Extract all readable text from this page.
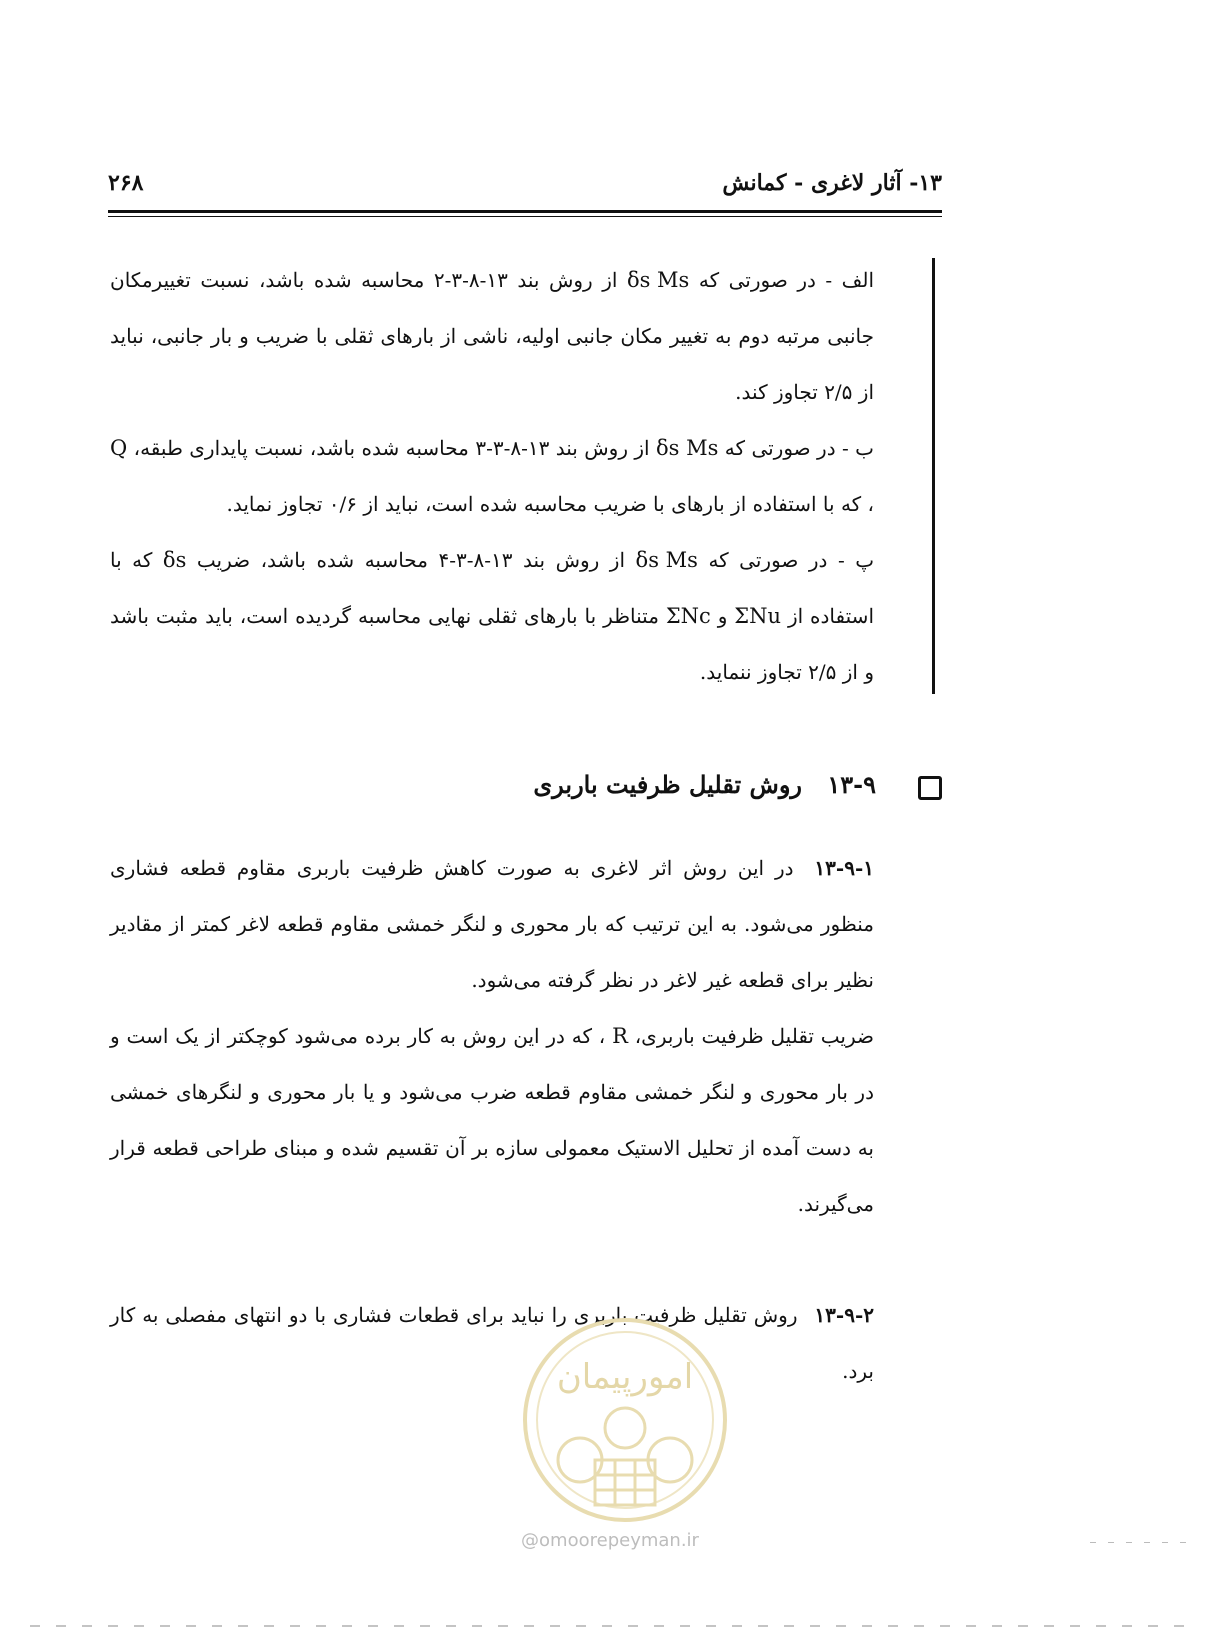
۱۳- آثار لاغری - کمانش
۲۶۸

الف - در صورتی که δs Ms از روش بند ۱۳-۸-۳-۲ محاسبه شده باشد، نسبت تغییرمکان جانبی مرتبه دوم به تغییر مکان جانبی اولیه، ناشی از بارهای ثقلی با ضریب و بار جانبی، نباید از ۲/۵ تجاوز کند.

ب - در صورتی که δs Ms از روش بند ۱۳-۸-۳-۳ محاسبه شده باشد، نسبت پایداری طبقه، Q ، که با استفاده از بارهای با ضریب محاسبه شده است، نباید از ۰/۶ تجاوز نماید.

پ - در صورتی که δs Ms از روش بند ۱۳-۸-۳-۴ محاسبه شده باشد، ضریب δs که با استفاده از ΣNu و ΣNc متناظر با بارهای ثقلی نهایی محاسبه گردیده است، باید مثبت باشد و از ۲/۵ تجاوز ننماید.

۱۳-۹
روش تقلیل ظرفیت باربری

۱۳-۹-۱ در این روش اثر لاغری به صورت کاهش ظرفیت باربری مقاوم قطعه فشاری منظور می‌شود. به این ترتیب که بار محوری و لنگر خمشی مقاوم قطعه لاغر کمتر از مقادیر نظیر برای قطعه غیر لاغر در نظر گرفته می‌شود.

ضریب تقلیل ظرفیت باربری، R ، که در این روش به کار برده می‌شود کوچکتر از یک است و در بار محوری و لنگر خمشی مقاوم قطعه ضرب می‌شود و یا بار محوری و لنگرهای خمشی به دست آمده از تحلیل الاستیک معمولی سازه بر آن تقسیم شده و مبنای طراحی قطعه قرار می‌گیرند.

۱۳-۹-۲ روش تقلیل ظرفیت باربری را نباید برای قطعات فشاری با دو انتهای مفصلی به کار برد.

امورپیمان
@ omoorepeyman.ir
